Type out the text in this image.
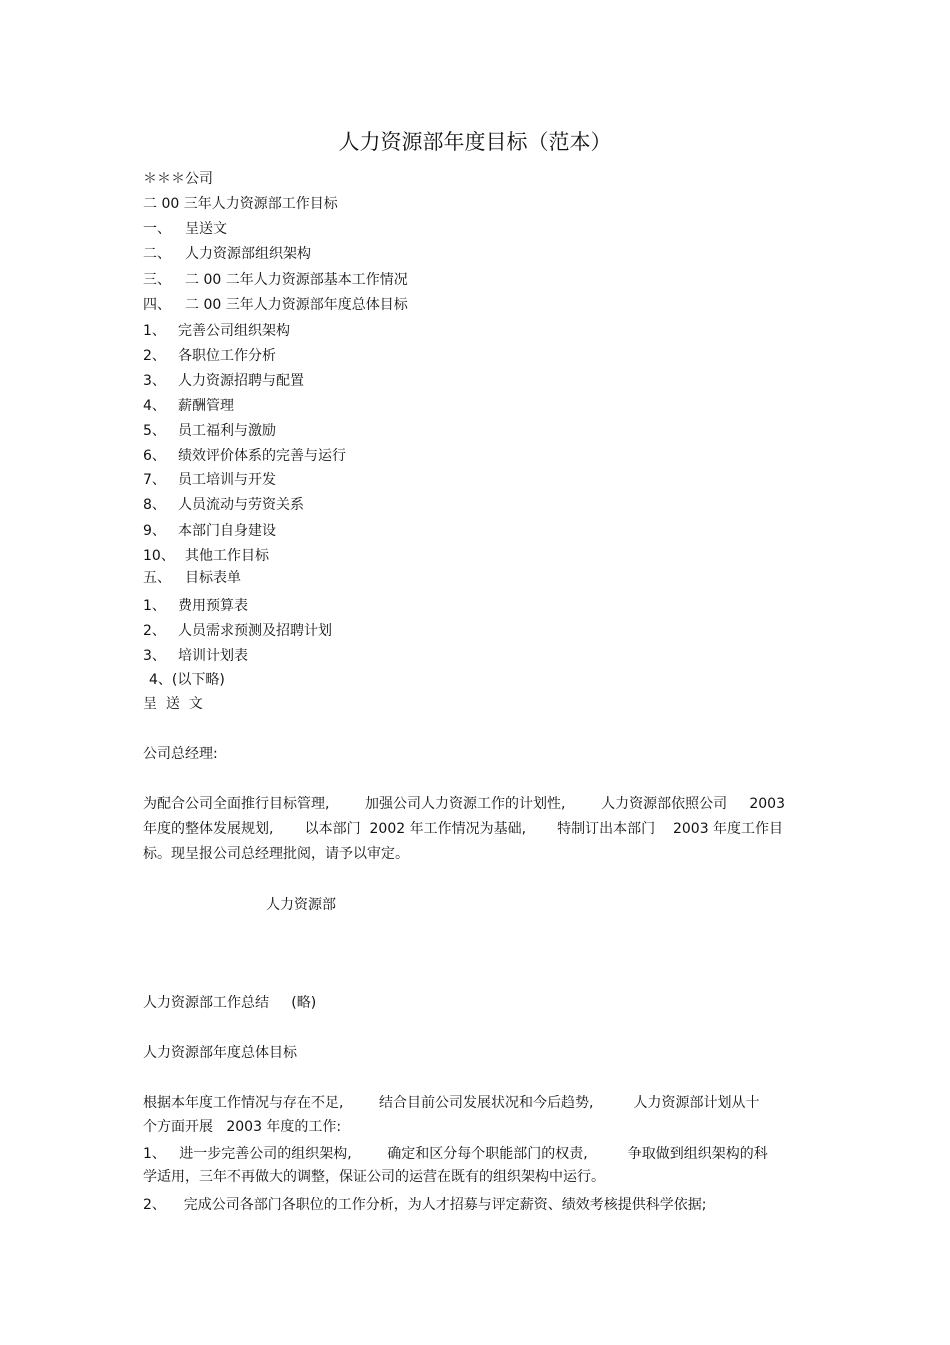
人力资源部年度目标（范本）
＊＊＊公司
二 00 三年人力资源部工作目标
一、 呈送文
二、 人力资源部组织架构
三、 二 00 二年人力资源部基本工作情况
四、 二 00 三年人力资源部年度总体目标
1、 完善公司组织架构
2、 各职位工作分析
3、 人力资源招聘与配置
4、 薪酬管理
5、 员工福利与激励
6、 绩效评价体系的完善与运行
7、 员工培训与开发
8、 人员流动与劳资关系
9、 本部门自身建设
10、 其他工作目标
五、 目标表单
1、 费用预算表
2、 人员需求预测及招聘计划
3、 培训计划表
4、(以下略)
呈  送  文
公司总经理:
为配合公司全面推行目标管理,        加强公司人力资源工作的计划性,        人力资源部依照公司     2003
年度的整体发展规划,       以本部门  2002 年工作情况为基础,       特制订出本部门    2003 年度工作目
标。现呈报公司总经理批阅，请予以审定。
人力资源部
人力资源部工作总结     (略)
人力资源部年度总体目标
根据本年度工作情况与存在不足,        结合目前公司发展状况和今后趋势,         人力资源部计划从十
个方面开展   2003 年度的工作:
1、   进一步完善公司的组织架构,        确定和区分每个职能部门的权责,         争取做到组织架构的科
学适用，三年不再做大的调整，保证公司的运营在既有的组织架构中运行。
2、    完成公司各部门各职位的工作分析，为人才招募与评定薪资、绩效考核提供科学依据;
